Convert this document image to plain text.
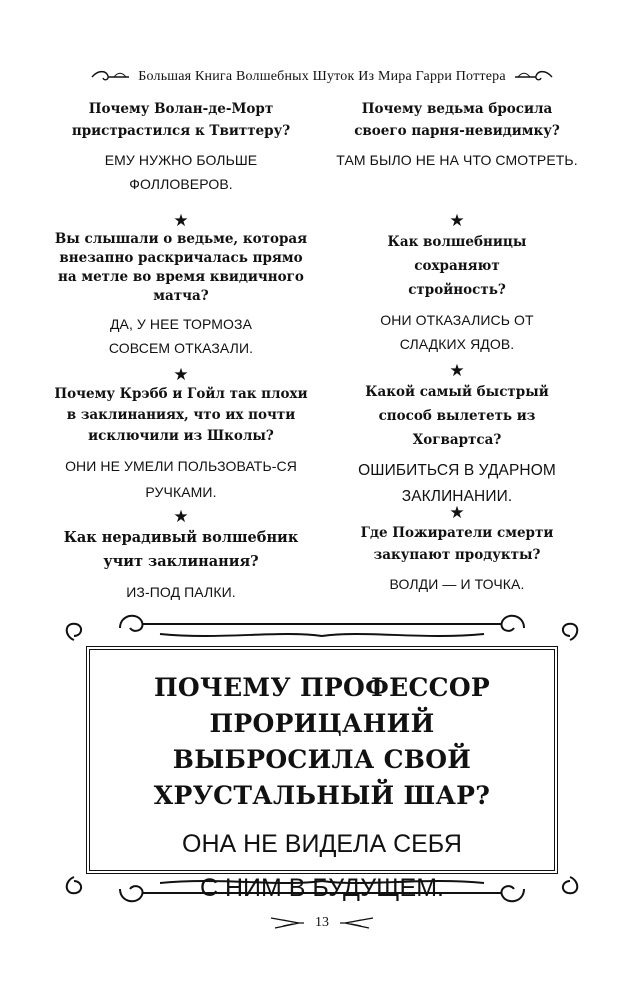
Большая Книга Волшебных Шуток Из Мира Гарри Поттера

Почему Волан-де-Морт пристрастился к Твиттеру?

ЕМУ НУЖНО БОЛЬШЕ ФОЛЛОВЕРОВ.

★

Вы слышали о ведьме, которая внезапно раскричалась прямо на метле во время квидичного матча?

ДА, У НЕЕ ТОРМОЗА СОВСЕМ ОТКАЗАЛИ.

★

Почему Крэбб и Гойл так плохи в заклинаниях, что их почти исключили из Школы?

ОНИ НЕ УМЕЛИ ПОЛЬЗОВАТЬ-СЯ РУЧКАМИ.

★

Как нерадивый волшебник учит заклинания?

ИЗ-ПОД ПАЛКИ.

Почему ведьма бросила своего парня-невидимку?

ТАМ БЫЛО НЕ НА ЧТО СМОТРЕТЬ.

★

Как волшебницы сохраняют стройность?

ОНИ ОТКАЗАЛИСЬ ОТ СЛАДКИХ ЯДОВ.

★

Какой самый быстрый способ вылететь из Хогвартса?

ОШИБИТЬСЯ В УДАРНОМ ЗАКЛИНАНИИ.

★

Где Пожиратели смерти закупают продукты?

ВОЛДИ — И ТОЧКА.

ПОЧЕМУ ПРОФЕССОР ПРОРИЦАНИЙ ВЫБРОСИЛА СВОЙ ХРУСТАЛЬНЫЙ ШАР?

ОНА НЕ ВИДЕЛА СЕБЯ С НИМ В БУДУЩЕМ.

13
